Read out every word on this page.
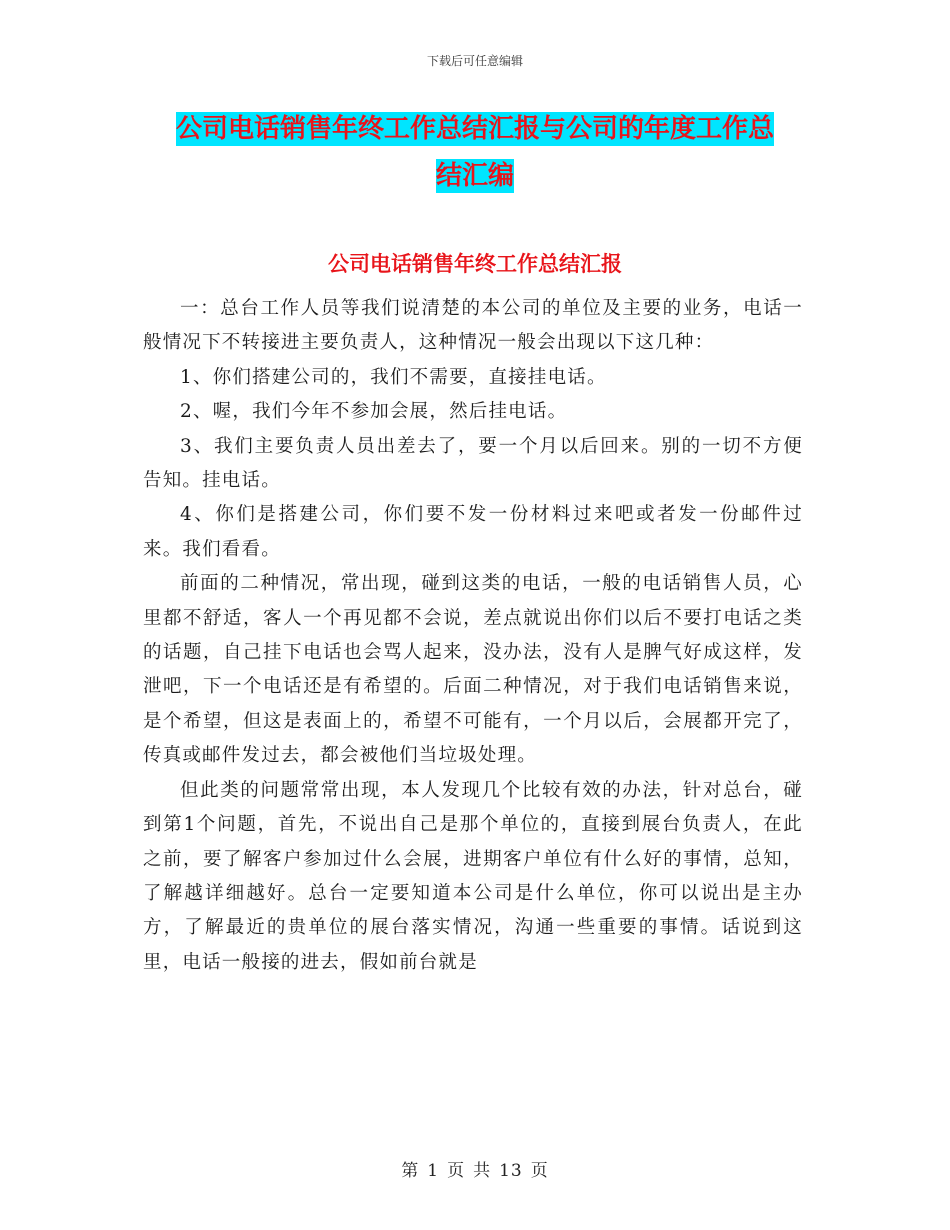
下载后可任意编辑
公司电话销售年终工作总结汇报与公司的年度工作总
结汇编
公司电话销售年终工作总结汇报

一：总台工作人员等我们说清楚的本公司的单位及主要的业务，电话一般情况下不转接进主要负责人，这种情况一般会出现以下这几种：

1、你们搭建公司的，我们不需要，直接挂电话。

2、喔，我们今年不参加会展，然后挂电话。

3、我们主要负责人员出差去了，要一个月以后回来。别的一切不方便告知。挂电话。

4、你们是搭建公司，你们要不发一份材料过来吧或者发一份邮件过来。我们看看。

前面的二种情况，常出现，碰到这类的电话，一般的电话销售人员，心里都不舒适，客人一个再见都不会说，差点就说出你们以后不要打电话之类的话题，自己挂下电话也会骂人起来，没办法，没有人是脾气好成这样，发泄吧，下一个电话还是有希望的。后面二种情况，对于我们电话销售来说，是个希望，但这是表面上的，希望不可能有，一个月以后，会展都开完了，传真或邮件发过去，都会被他们当垃圾处理。

但此类的问题常常出现，本人发现几个比较有效的办法，针对总台，碰到第1个问题，首先，不说出自己是那个单位的，直接到展台负责人，在此之前，要了解客户参加过什么会展，进期客户单位有什么好的事情，总知，了解越详细越好。总台一定要知道本公司是什么单位，你可以说出是主办方，了解最近的贵单位的展台落实情况，沟通一些重要的事情。话说到这里，电话一般接的进去，假如前台就是

第 1 页 共 13 页
